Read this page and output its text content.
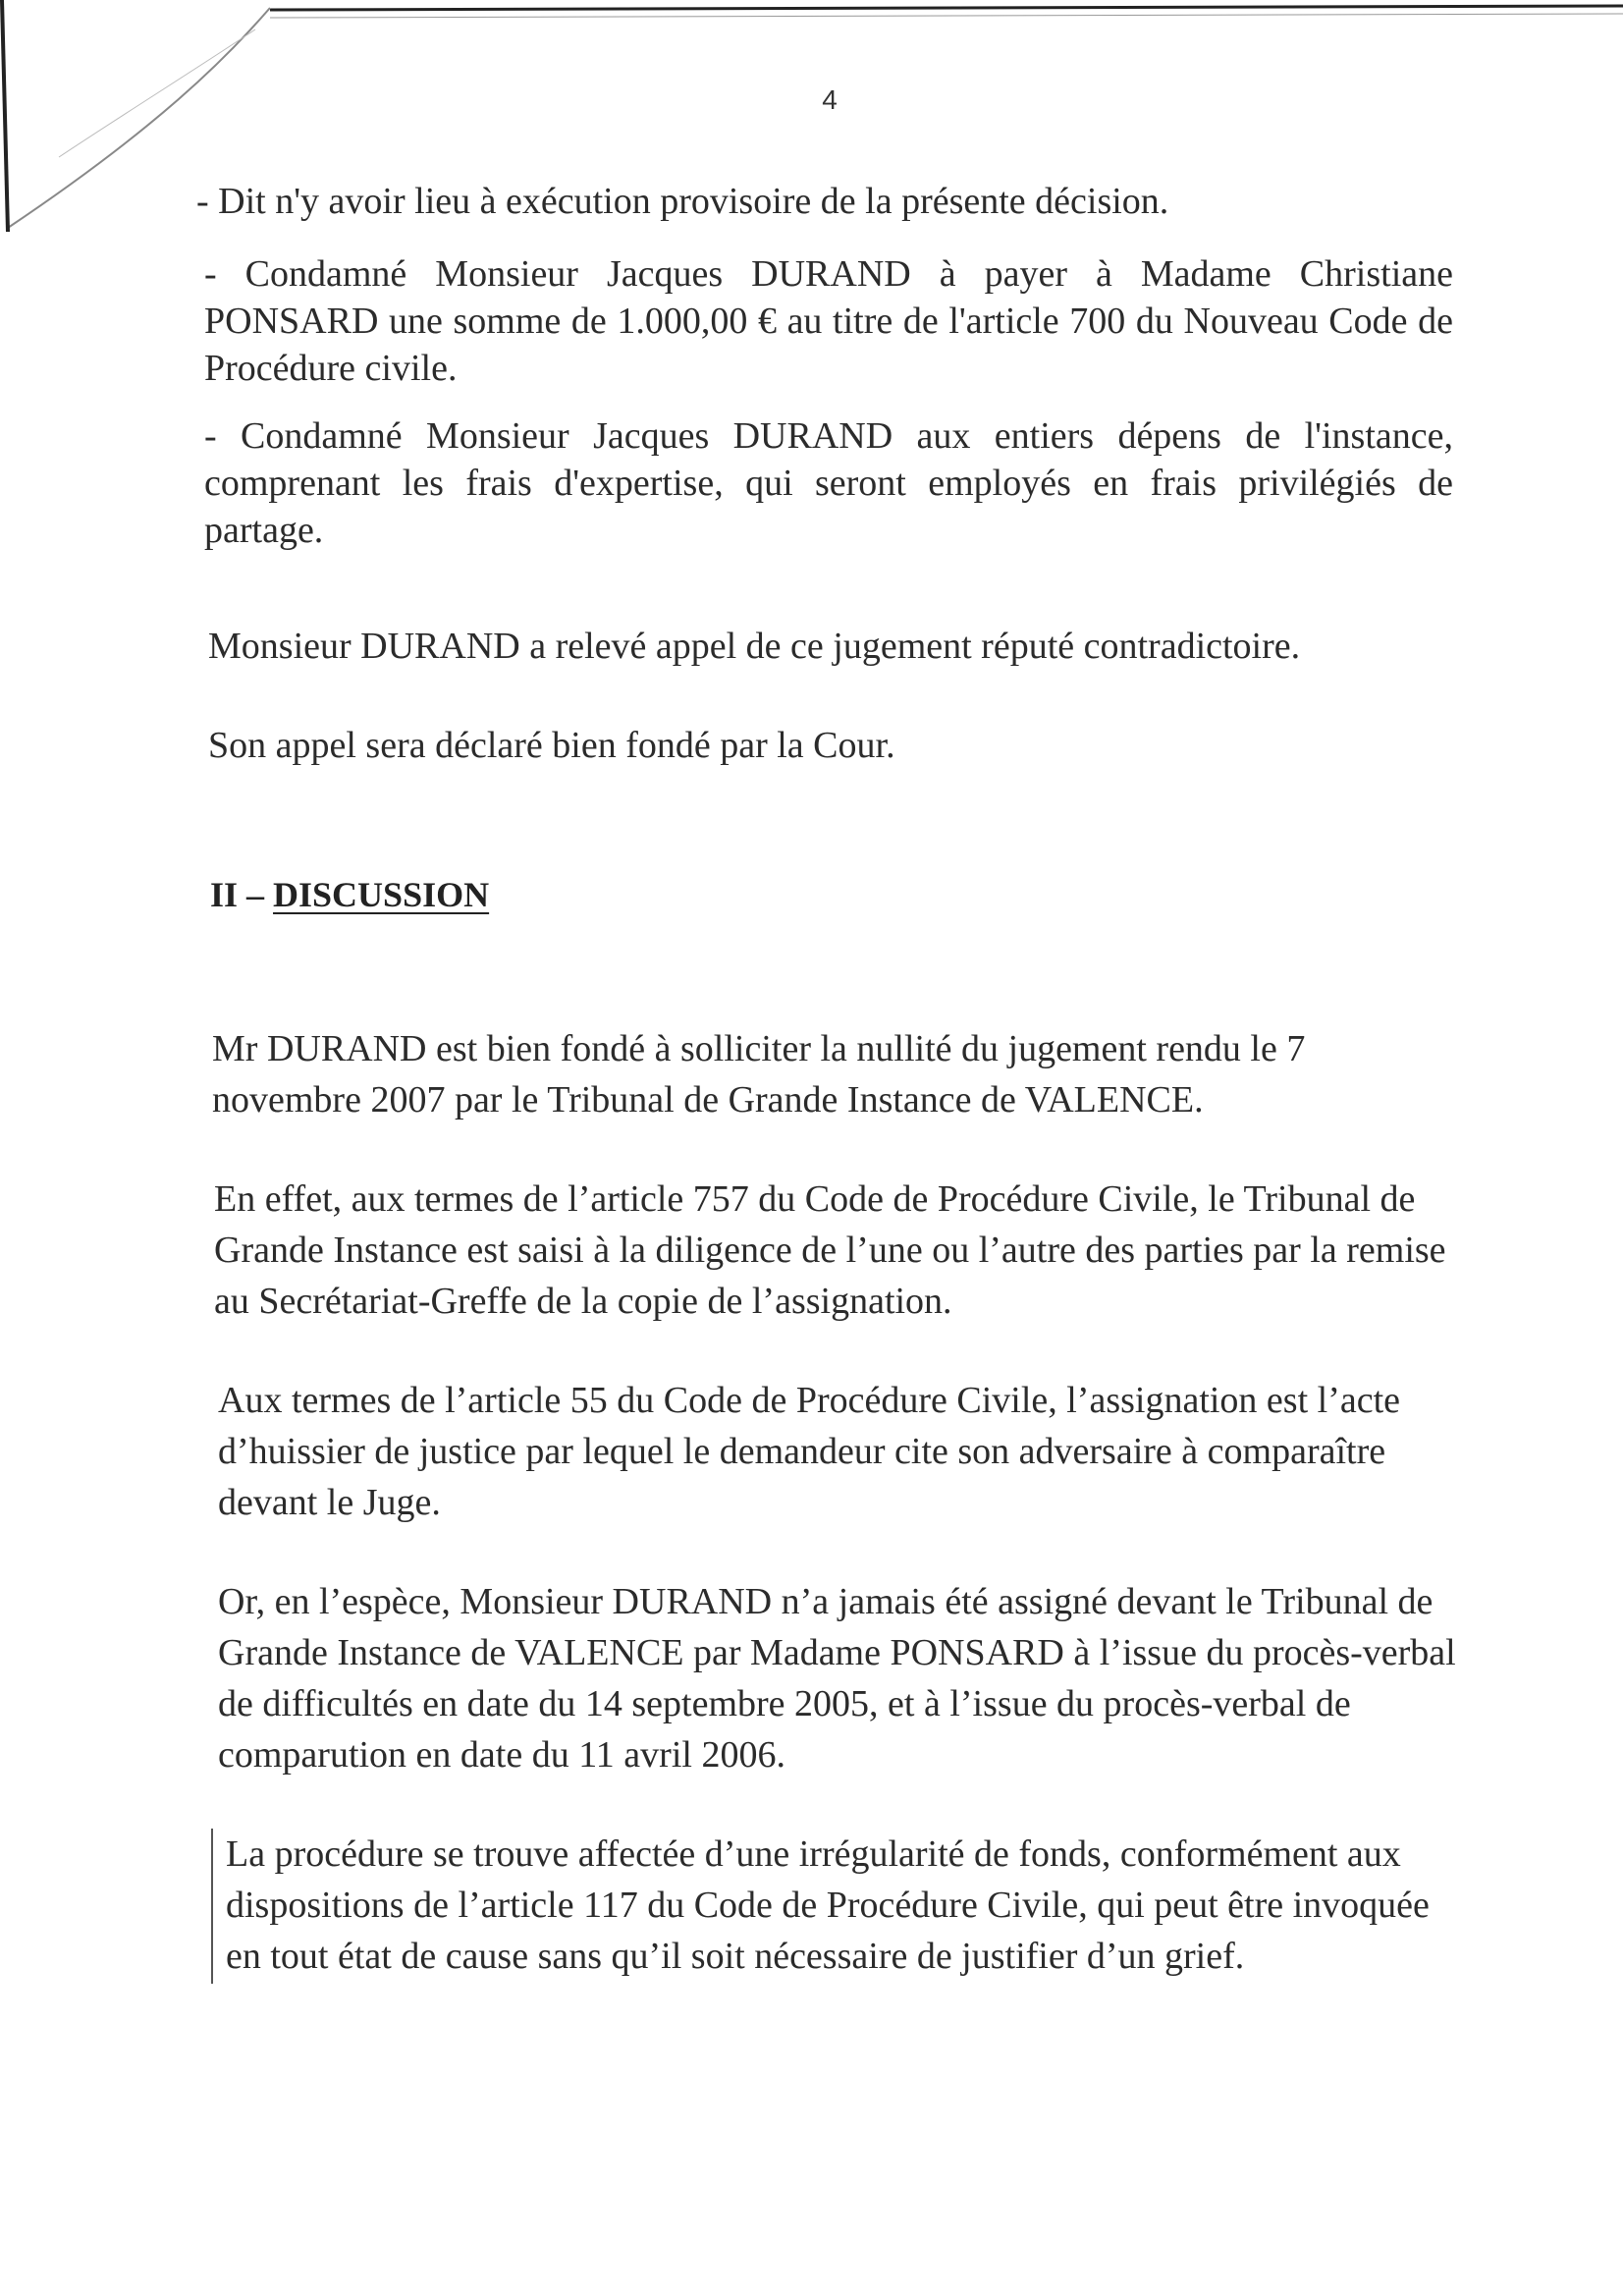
4

- Dit n'y avoir lieu à exécution provisoire de la présente décision.

- Condamné Monsieur Jacques DURAND à payer à Madame Christiane PONSARD une somme de 1.000,00 € au titre de l'article 700 du Nouveau Code de Procédure civile.

- Condamné Monsieur Jacques DURAND aux entiers dépens de l'instance, comprenant les frais d'expertise, qui seront employés en frais privilégiés de partage.

Monsieur DURAND a relevé appel de ce jugement réputé contradictoire.

Son appel sera déclaré bien fondé par la Cour.

II – DISCUSSION

Mr DURAND est bien fondé à solliciter la nullité du jugement rendu le 7 novembre 2007 par le Tribunal de Grande Instance de VALENCE.

En effet, aux termes de l’article 757 du Code de Procédure Civile, le Tribunal de Grande Instance est saisi à la diligence de l’une ou l’autre des parties par la remise au Secrétariat-Greffe de la copie de l’assignation.

Aux termes de l’article 55 du Code de Procédure Civile, l’assignation est l’acte d’huissier de justice par lequel le demandeur cite son adversaire à comparaître devant le Juge.

Or, en l’espèce, Monsieur DURAND n’a jamais été assigné devant le Tribunal de Grande Instance de VALENCE par Madame PONSARD à l’issue du procès-verbal de difficultés en date du 14 septembre 2005, et à l’issue du procès-verbal de comparution en date du 11 avril 2006.

La procédure se trouve affectée d’une irrégularité de fonds, conformément aux dispositions de l’article 117 du Code de Procédure Civile, qui peut être invoquée en tout état de cause sans qu’il soit nécessaire de justifier d’un grief.
